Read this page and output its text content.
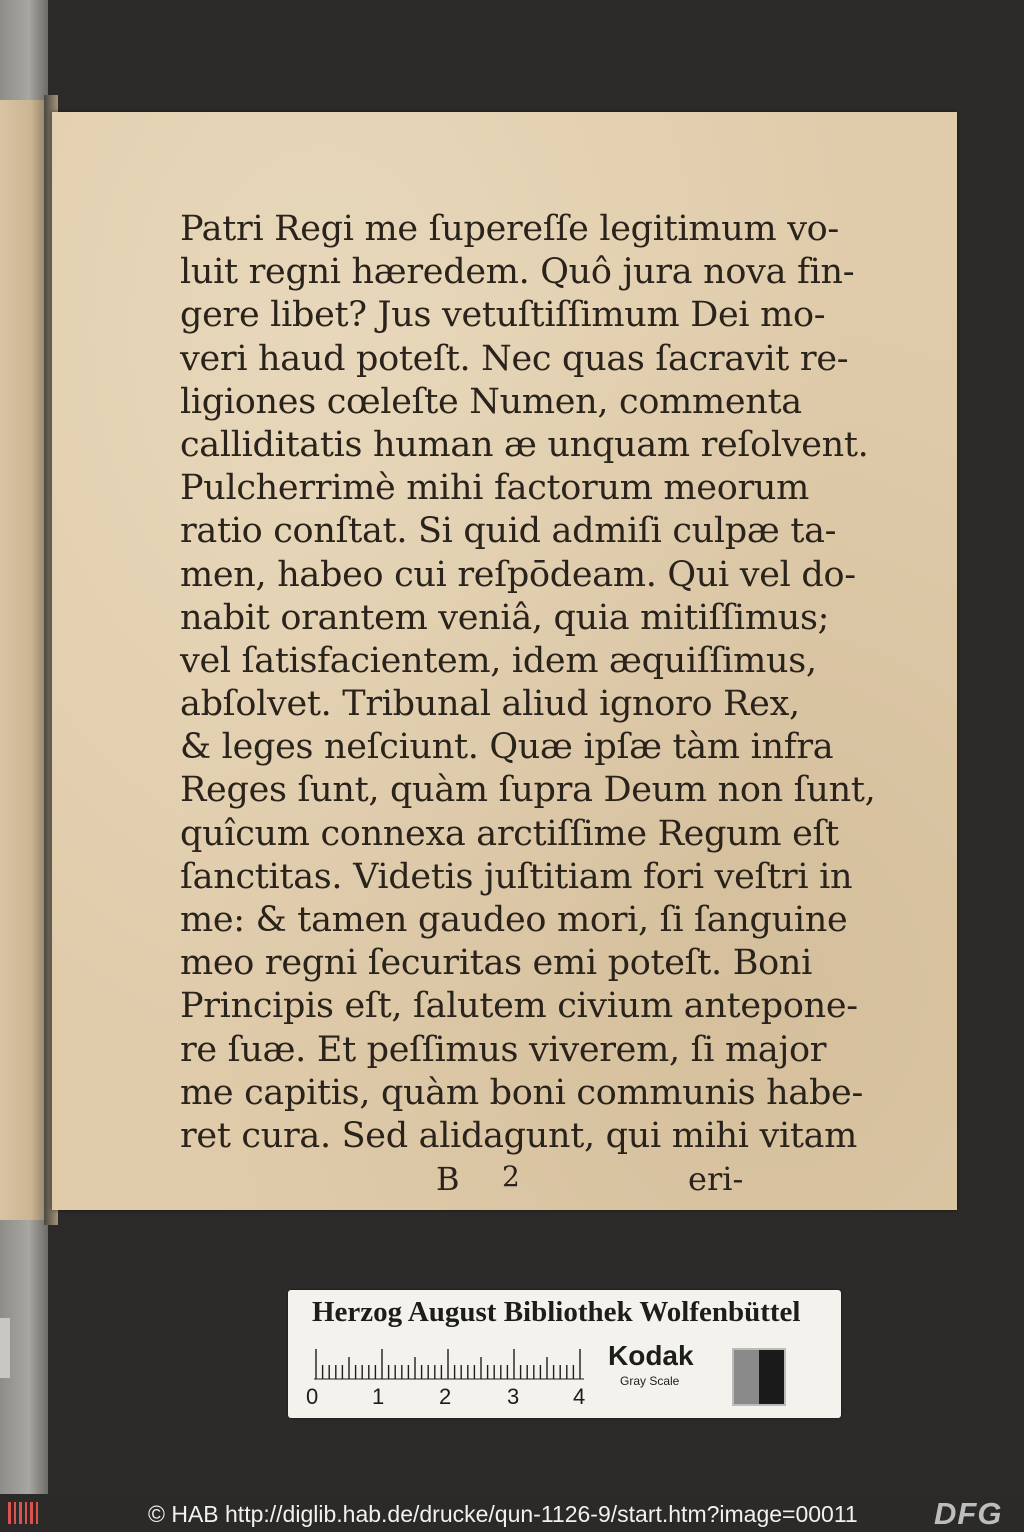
Patri Regi me ſupereſſe legitimum vo-
luit regni hæredem. Quô jura nova fin-
gere libet? Jus vetuſtiſſimum Dei mo-
veri haud poteſt. Nec quas ſacravit re-
ligiones cœleſte Numen, commenta
calliditatis human æ unquam reſolvent.
Pulcherrimè mihi factorum meorum
ratio conſtat. Si quid admiſi culpæ ta-
men, habeo cui reſpōdeam. Qui vel do-
nabit orantem veniâ, quia mitiſſimus;
vel ſatisfacientem, idem æquiſſimus,
abſolvet. Tribunal aliud ignoro Rex,
& leges neſciunt. Quæ ipſæ tàm infra
Reges ſunt, quàm ſupra Deum non ſunt,
quîcum connexa arctiſſime Regum eſt
ſanctitas. Videtis juſtitiam fori veſtri in
me: & tamen gaudeo mori, ſi ſanguine
meo regni ſecuritas emi poteſt. Boni
Principis eſt, ſalutem civium antepone-
re ſuæ. Et peſſimus viverem, ſi major
me capitis, quàm boni communis habe-
ret cura. Sed alidagunt, qui mihi vitam
B 2	eri-
Herzog August Bibliothek Wolfenbüttel
0 1 2	3 4
Kodak
Gray Scale
© HAB http://diglib.hab.de/drucke/qun-1126-9/start.htm?image=00011 DFG
